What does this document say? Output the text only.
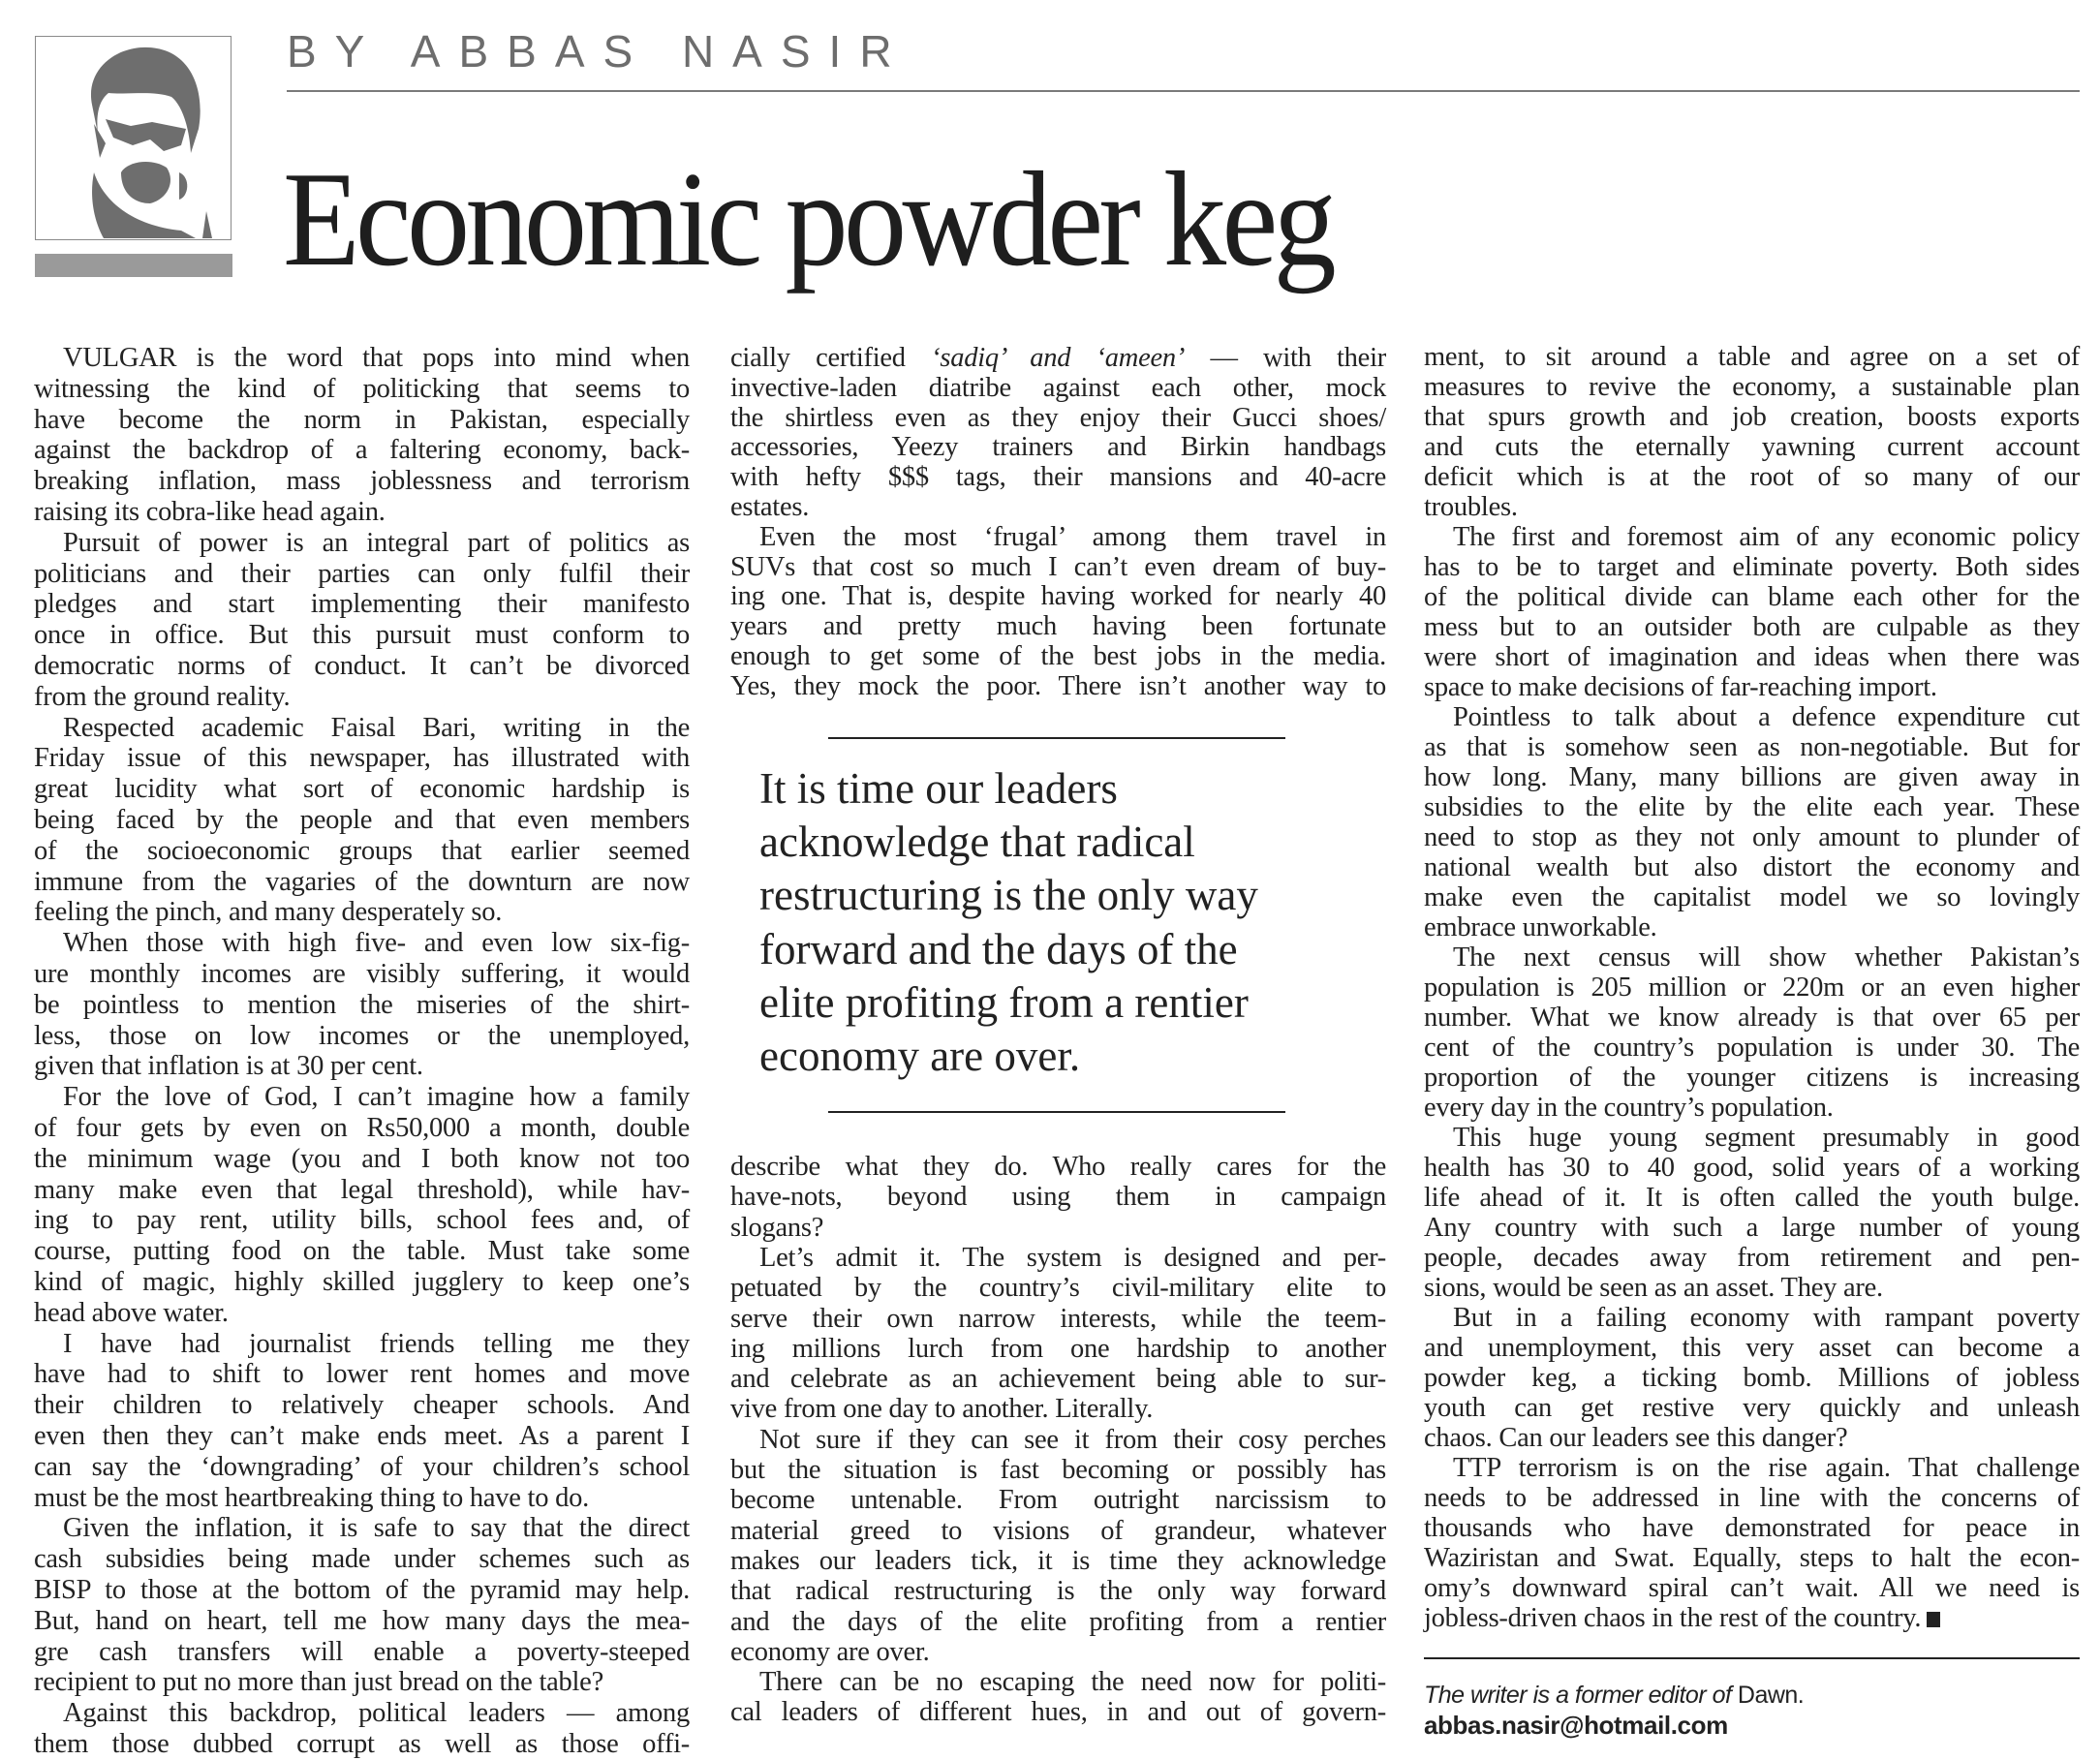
BY ABBAS NASIR
Economic powder keg
VULGAR is the word that pops into mind when
witnessing the kind of politicking that seems to
have become the norm in Pakistan, especially
against the backdrop of a faltering economy, back-
breaking inflation, mass joblessness and terrorism
raising its cobra-like head again.
Pursuit of power is an integral part of politics as
politicians and their parties can only fulfil their
pledges and start implementing their manifesto
once in office. But this pursuit must conform to
democratic norms of conduct. It can’t be divorced
from the ground reality.
Respected academic Faisal Bari, writing in the
Friday issue of this newspaper, has illustrated with
great lucidity what sort of economic hardship is
being faced by the people and that even members
of the socioeconomic groups that earlier seemed
immune from the vagaries of the downturn are now
feeling the pinch, and many desperately so.
When those with high five- and even low six-fig-
ure monthly incomes are visibly suffering, it would
be pointless to mention the miseries of the shirt-
less, those on low incomes or the unemployed,
given that inflation is at 30 per cent.
For the love of God, I can’t imagine how a family
of four gets by even on Rs50,000 a month, double
the minimum wage (you and I both know not too
many make even that legal threshold), while hav-
ing to pay rent, utility bills, school fees and, of
course, putting food on the table. Must take some
kind of magic, highly skilled jugglery to keep one’s
head above water.
I have had journalist friends telling me they
have had to shift to lower rent homes and move
their children to relatively cheaper schools. And
even then they can’t make ends meet. As a parent I
can say the ‘downgrading’ of your children’s school
must be the most heartbreaking thing to have to do.
Given the inflation, it is safe to say that the direct
cash subsidies being made under schemes such as
BISP to those at the bottom of the pyramid may help.
But, hand on heart, tell me how many days the mea-
gre cash transfers will enable a poverty-steeped
recipient to put no more than just bread on the table?
Against this backdrop, political leaders — among
them those dubbed corrupt as well as those offi-
cially certified ‘sadiq’ and ‘ameen’ — with their
invective-laden diatribe against each other, mock
the shirtless even as they enjoy their Gucci shoes/
accessories, Yeezy trainers and Birkin handbags
with hefty $$$ tags, their mansions and 40-acre
estates.
Even the most ‘frugal’ among them travel in
SUVs that cost so much I can’t even dream of buy-
ing one. That is, despite having worked for nearly 40
years and pretty much having been fortunate
enough to get some of the best jobs in the media.
Yes, they mock the poor. There isn’t another way to
describe what they do. Who really cares for the
have-nots, beyond using them in campaign
slogans?
Let’s admit it. The system is designed and per-
petuated by the country’s civil-military elite to
serve their own narrow interests, while the teem-
ing millions lurch from one hardship to another
and celebrate as an achievement being able to sur-
vive from one day to another. Literally.
Not sure if they can see it from their cosy perches
but the situation is fast becoming or possibly has
become untenable. From outright narcissism to
material greed to visions of grandeur, whatever
makes our leaders tick, it is time they acknowledge
that radical restructuring is the only way forward
and the days of the elite profiting from a rentier
economy are over.
There can be no escaping the need now for politi-
cal leaders of different hues, in and out of govern-
ment, to sit around a table and agree on a set of
measures to revive the economy, a sustainable plan
that spurs growth and job creation, boosts exports
and cuts the eternally yawning current account
deficit which is at the root of so many of our
troubles.
The first and foremost aim of any economic policy
has to be to target and eliminate poverty. Both sides
of the political divide can blame each other for the
mess but to an outsider both are culpable as they
were short of imagination and ideas when there was
space to make decisions of far-reaching import.
Pointless to talk about a defence expenditure cut
as that is somehow seen as non-negotiable. But for
how long. Many, many billions are given away in
subsidies to the elite by the elite each year. These
need to stop as they not only amount to plunder of
national wealth but also distort the economy and
make even the capitalist model we so lovingly
embrace unworkable.
The next census will show whether Pakistan’s
population is 205 million or 220m or an even higher
number. What we know already is that over 65 per
cent of the country’s population is under 30. The
proportion of the younger citizens is increasing
every day in the country’s population.
This huge young segment presumably in good
health has 30 to 40 good, solid years of a working
life ahead of it. It is often called the youth bulge.
Any country with such a large number of young
people, decades away from retirement and pen-
sions, would be seen as an asset. They are.
But in a failing economy with rampant poverty
and unemployment, this very asset can become a
powder keg, a ticking bomb. Millions of jobless
youth can get restive very quickly and unleash
chaos. Can our leaders see this danger?
TTP terrorism is on the rise again. That challenge
needs to be addressed in line with the concerns of
thousands who have demonstrated for peace in
Waziristan and Swat. Equally, steps to halt the econ-
omy’s downward spiral can’t wait. All we need is
jobless-driven chaos in the rest of the country.
It is time our leaders
acknowledge that radical
restructuring is the only way
forward and the days of the
elite profiting from a rentier
economy are over.
The writer is a former editor of Dawn.
abbas.nasir@hotmail.com
